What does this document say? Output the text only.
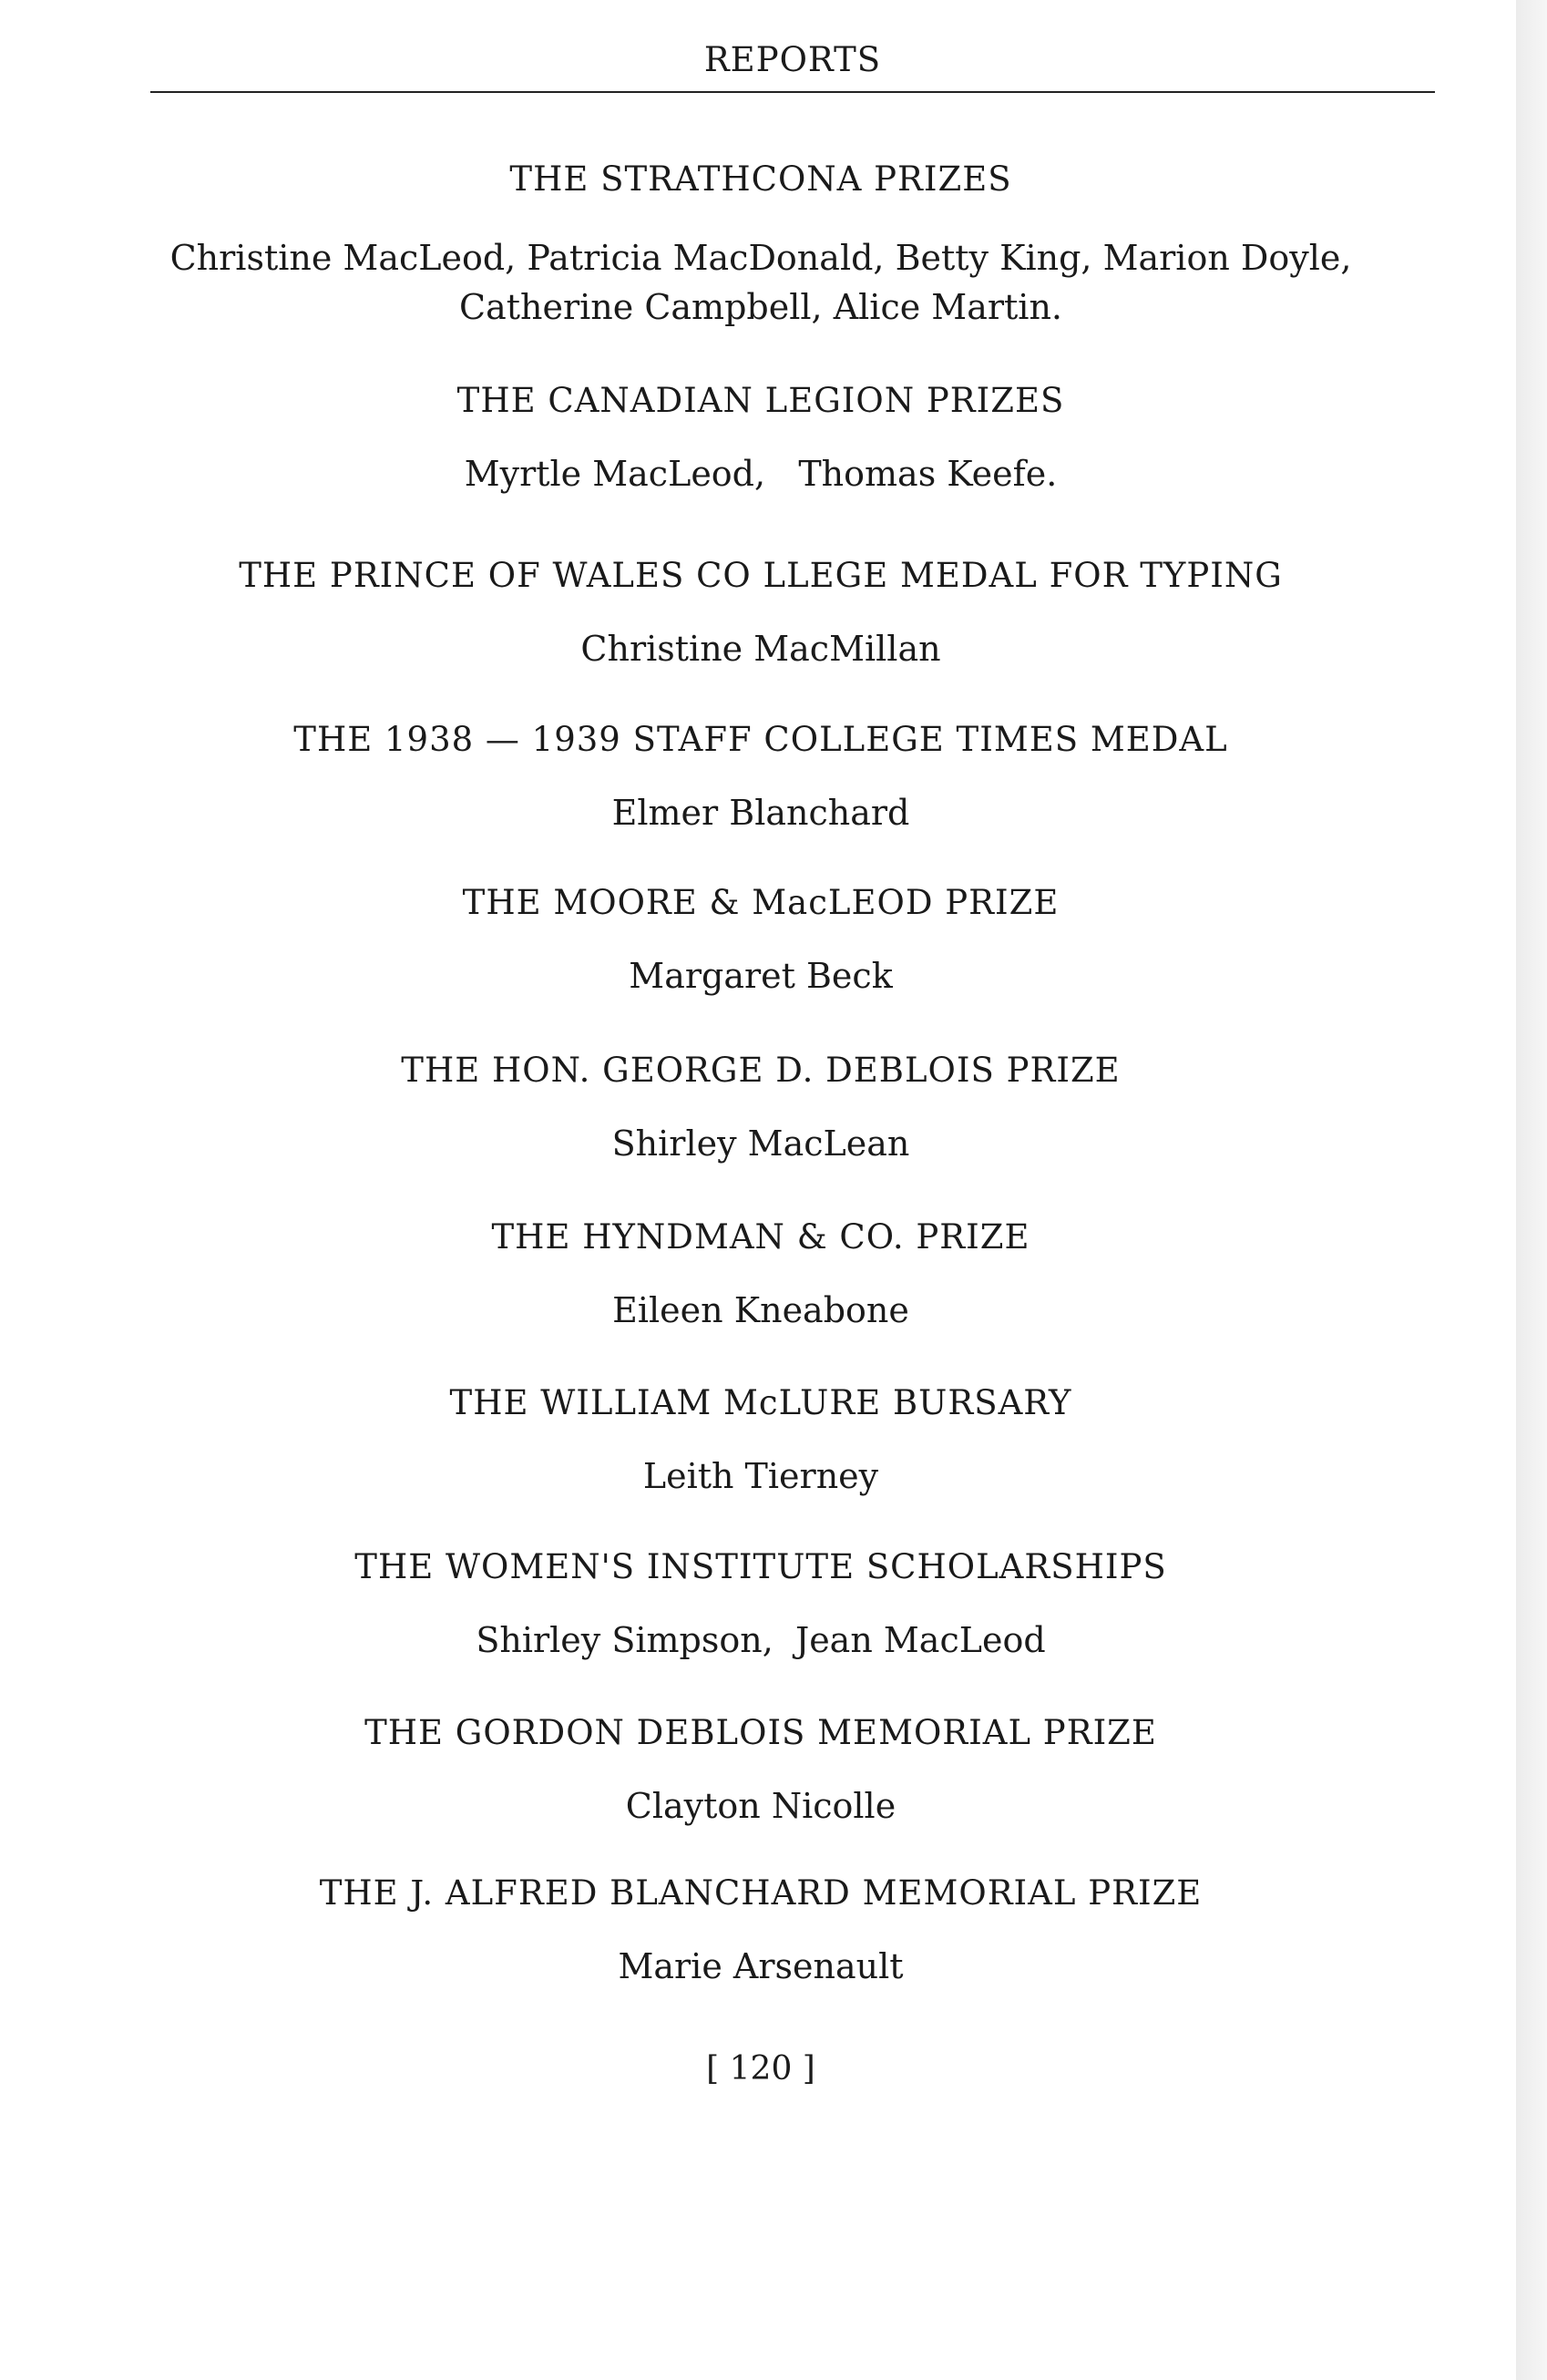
REPORTS
THE STRATHCONA PRIZES
Christine MacLeod, Patricia MacDonald, Betty King, Marion Doyle,
Catherine Campbell, Alice Martin.
THE CANADIAN LEGION PRIZES
Myrtle MacLeod,   Thomas Keefe.
THE PRINCE OF WALES CO LLEGE MEDAL FOR TYPING
Christine MacMillan
THE 1938 — 1939 STAFF COLLEGE TIMES MEDAL
Elmer Blanchard
THE MOORE & MacLEOD PRIZE
Margaret Beck
THE HON. GEORGE D. DEBLOIS PRIZE
Shirley MacLean
THE HYNDMAN & CO. PRIZE
Eileen Kneabone
THE WILLIAM McLURE BURSARY
Leith Tierney
THE WOMEN'S INSTITUTE SCHOLARSHIPS
Shirley Simpson,  Jean MacLeod
THE GORDON DEBLOIS MEMORIAL PRIZE
Clayton Nicolle
THE J. ALFRED BLANCHARD MEMORIAL PRIZE
Marie Arsenault
[ 120 ]
